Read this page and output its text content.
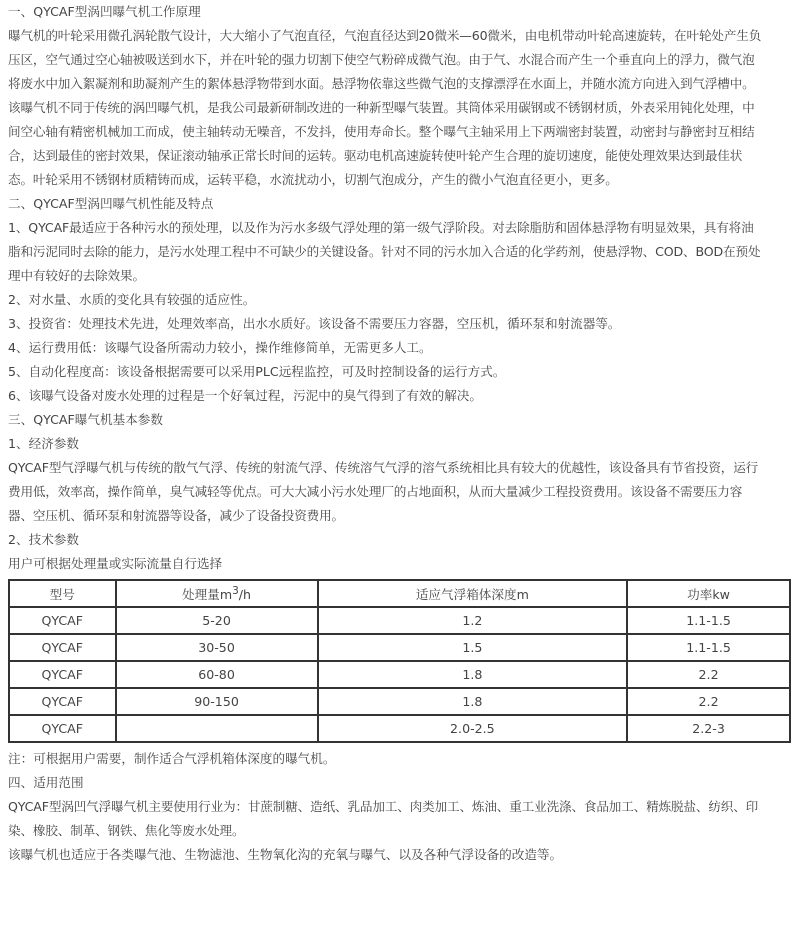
一、QYCAF型涡凹曝气机工作原理
曝气机的叶轮采用微孔涡轮散气设计，大大缩小了气泡直径，气泡直径达到20微米—60微米，由电机带动叶轮高速旋转，在叶轮处产生负
压区，空气通过空心轴被吸送到水下，并在叶轮的强力切割下使空气粉碎成微气泡。由于气、水混合而产生一个垂直向上的浮力，微气泡
将废水中加入絮凝剂和助凝剂产生的絮体悬浮物带到水面。悬浮物依靠这些微气泡的支撑漂浮在水面上，并随水流方向进入到气浮槽中。
该曝气机不同于传统的涡凹曝气机，是我公司最新研制改进的一种新型曝气装置。其筒体采用碳钢或不锈钢材质，外表采用钝化处理，中
间空心轴有精密机械加工而成，使主轴转动无噪音，不发抖，使用寿命长。整个曝气主轴采用上下两端密封装置，动密封与静密封互相结
合，达到最佳的密封效果，保证滚动轴承正常长时间的运转。驱动电机高速旋转使叶轮产生合理的旋切速度，能使处理效果达到最佳状
态。叶轮采用不锈钢材质精铸而成，运转平稳，水流扰动小，切割气泡成分，产生的微小气泡直径更小，更多。
二、QYCAF型涡凹曝气机性能及特点
1、QYCAF最适应于各种污水的预处理，以及作为污水多级气浮处理的第一级气浮阶段。对去除脂肪和固体悬浮物有明显效果，具有将油
脂和污泥同时去除的能力，是污水处理工程中不可缺少的关键设备。针对不同的污水加入合适的化学药剂，使悬浮物、COD、BOD在预处
理中有较好的去除效果。
2、对水量、水质的变化具有较强的适应性。
3、投资省：处理技术先进，处理效率高，出水水质好。该设备不需要压力容器，空压机，循环泵和射流器等。
4、运行费用低：该曝气设备所需动力较小，操作维修简单，无需更多人工。
5、自动化程度高：该设备根据需要可以采用PLC远程监控，可及时控制设备的运行方式。
6、该曝气设备对废水处理的过程是一个好氧过程，污泥中的臭气得到了有效的解决。
三、QYCAF曝气机基本参数
1、经济参数
QYCAF型气浮曝气机与传统的散气气浮、传统的射流气浮、传统溶气气浮的溶气系统相比具有较大的优越性，该设备具有节省投资，运行
费用低，效率高，操作简单，臭气减轻等优点。可大大减小污水处理厂的占地面积，从而大量减少工程投资费用。该设备不需要压力容
器、空压机、循环泵和射流器等设备，减少了设备投资费用。
2、技术参数
用户可根据处理量或实际流量自行选择
型号	处理量$m^3/h$	适应气浮箱体深度m	功率kw
QYCAF	5-20	1.2	1.1-1.5
QYCAF	30-50	1.5	1.1-1.5
QYCAF	60-80	1.8	2.2
QYCAF	90-150	1.8	2.2
QYCAF		2.0-2.5	2.2-3
注：可根据用户需要，制作适合气浮机箱体深度的曝气机。
四、适用范围
QYCAF型涡凹气浮曝气机主要使用行业为：甘蔗制糖、造纸、乳品加工、肉类加工、炼油、重工业洗涤、食品加工、精炼脱盐、纺织、印
染、橡胶、制革、钢铁、焦化等废水处理。
该曝气机也适应于各类曝气池、生物滤池、生物氧化沟的充氧与曝气、以及各种气浮设备的改造等。
